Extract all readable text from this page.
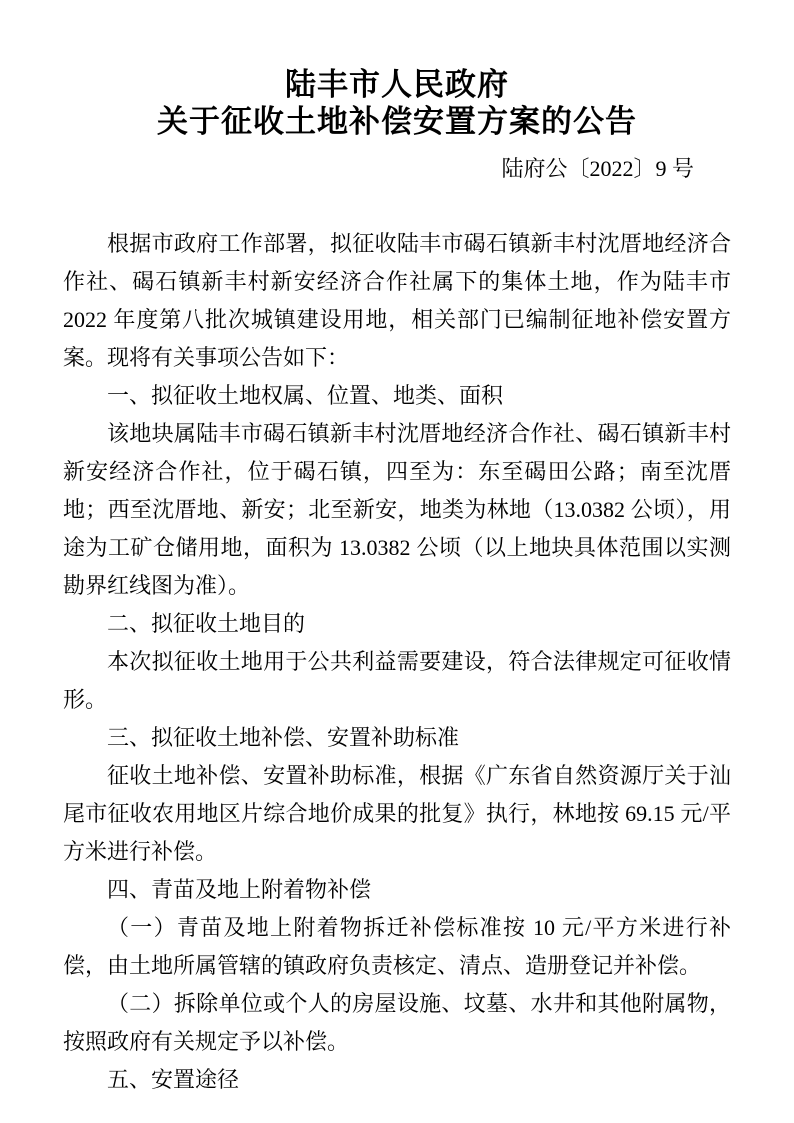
陆丰市人民政府
关于征收土地补偿安置方案的公告
陆府公〔2022〕9 号

根据市政府工作部署，拟征收陆丰市碣石镇新丰村沈厝地经济合作社、碣石镇新丰村新安经济合作社属下的集体土地，作为陆丰市 2022 年度第八批次城镇建设用地，相关部门已编制征地补偿安置方案。现将有关事项公告如下：

一、拟征收土地权属、位置、地类、面积

该地块属陆丰市碣石镇新丰村沈厝地经济合作社、碣石镇新丰村新安经济合作社，位于碣石镇，四至为：东至碣田公路；南至沈厝地；西至沈厝地、新安；北至新安，地类为林地（13.0382 公顷），用途为工矿仓储用地，面积为 13.0382 公顷（以上地块具体范围以实测勘界红线图为准）。

二、拟征收土地目的

本次拟征收土地用于公共利益需要建设，符合法律规定可征收情形。

三、拟征收土地补偿、安置补助标准

征收土地补偿、安置补助标准，根据《广东省自然资源厅关于汕尾市征收农用地区片综合地价成果的批复》执行，林地按 69.15 元/平方米进行补偿。

四、青苗及地上附着物补偿

（一）青苗及地上附着物拆迁补偿标准按 10 元/平方米进行补偿，由土地所属管辖的镇政府负责核定、清点、造册登记并补偿。

（二）拆除单位或个人的房屋设施、坟墓、水井和其他附属物，按照政府有关规定予以补偿。

五、安置途径
